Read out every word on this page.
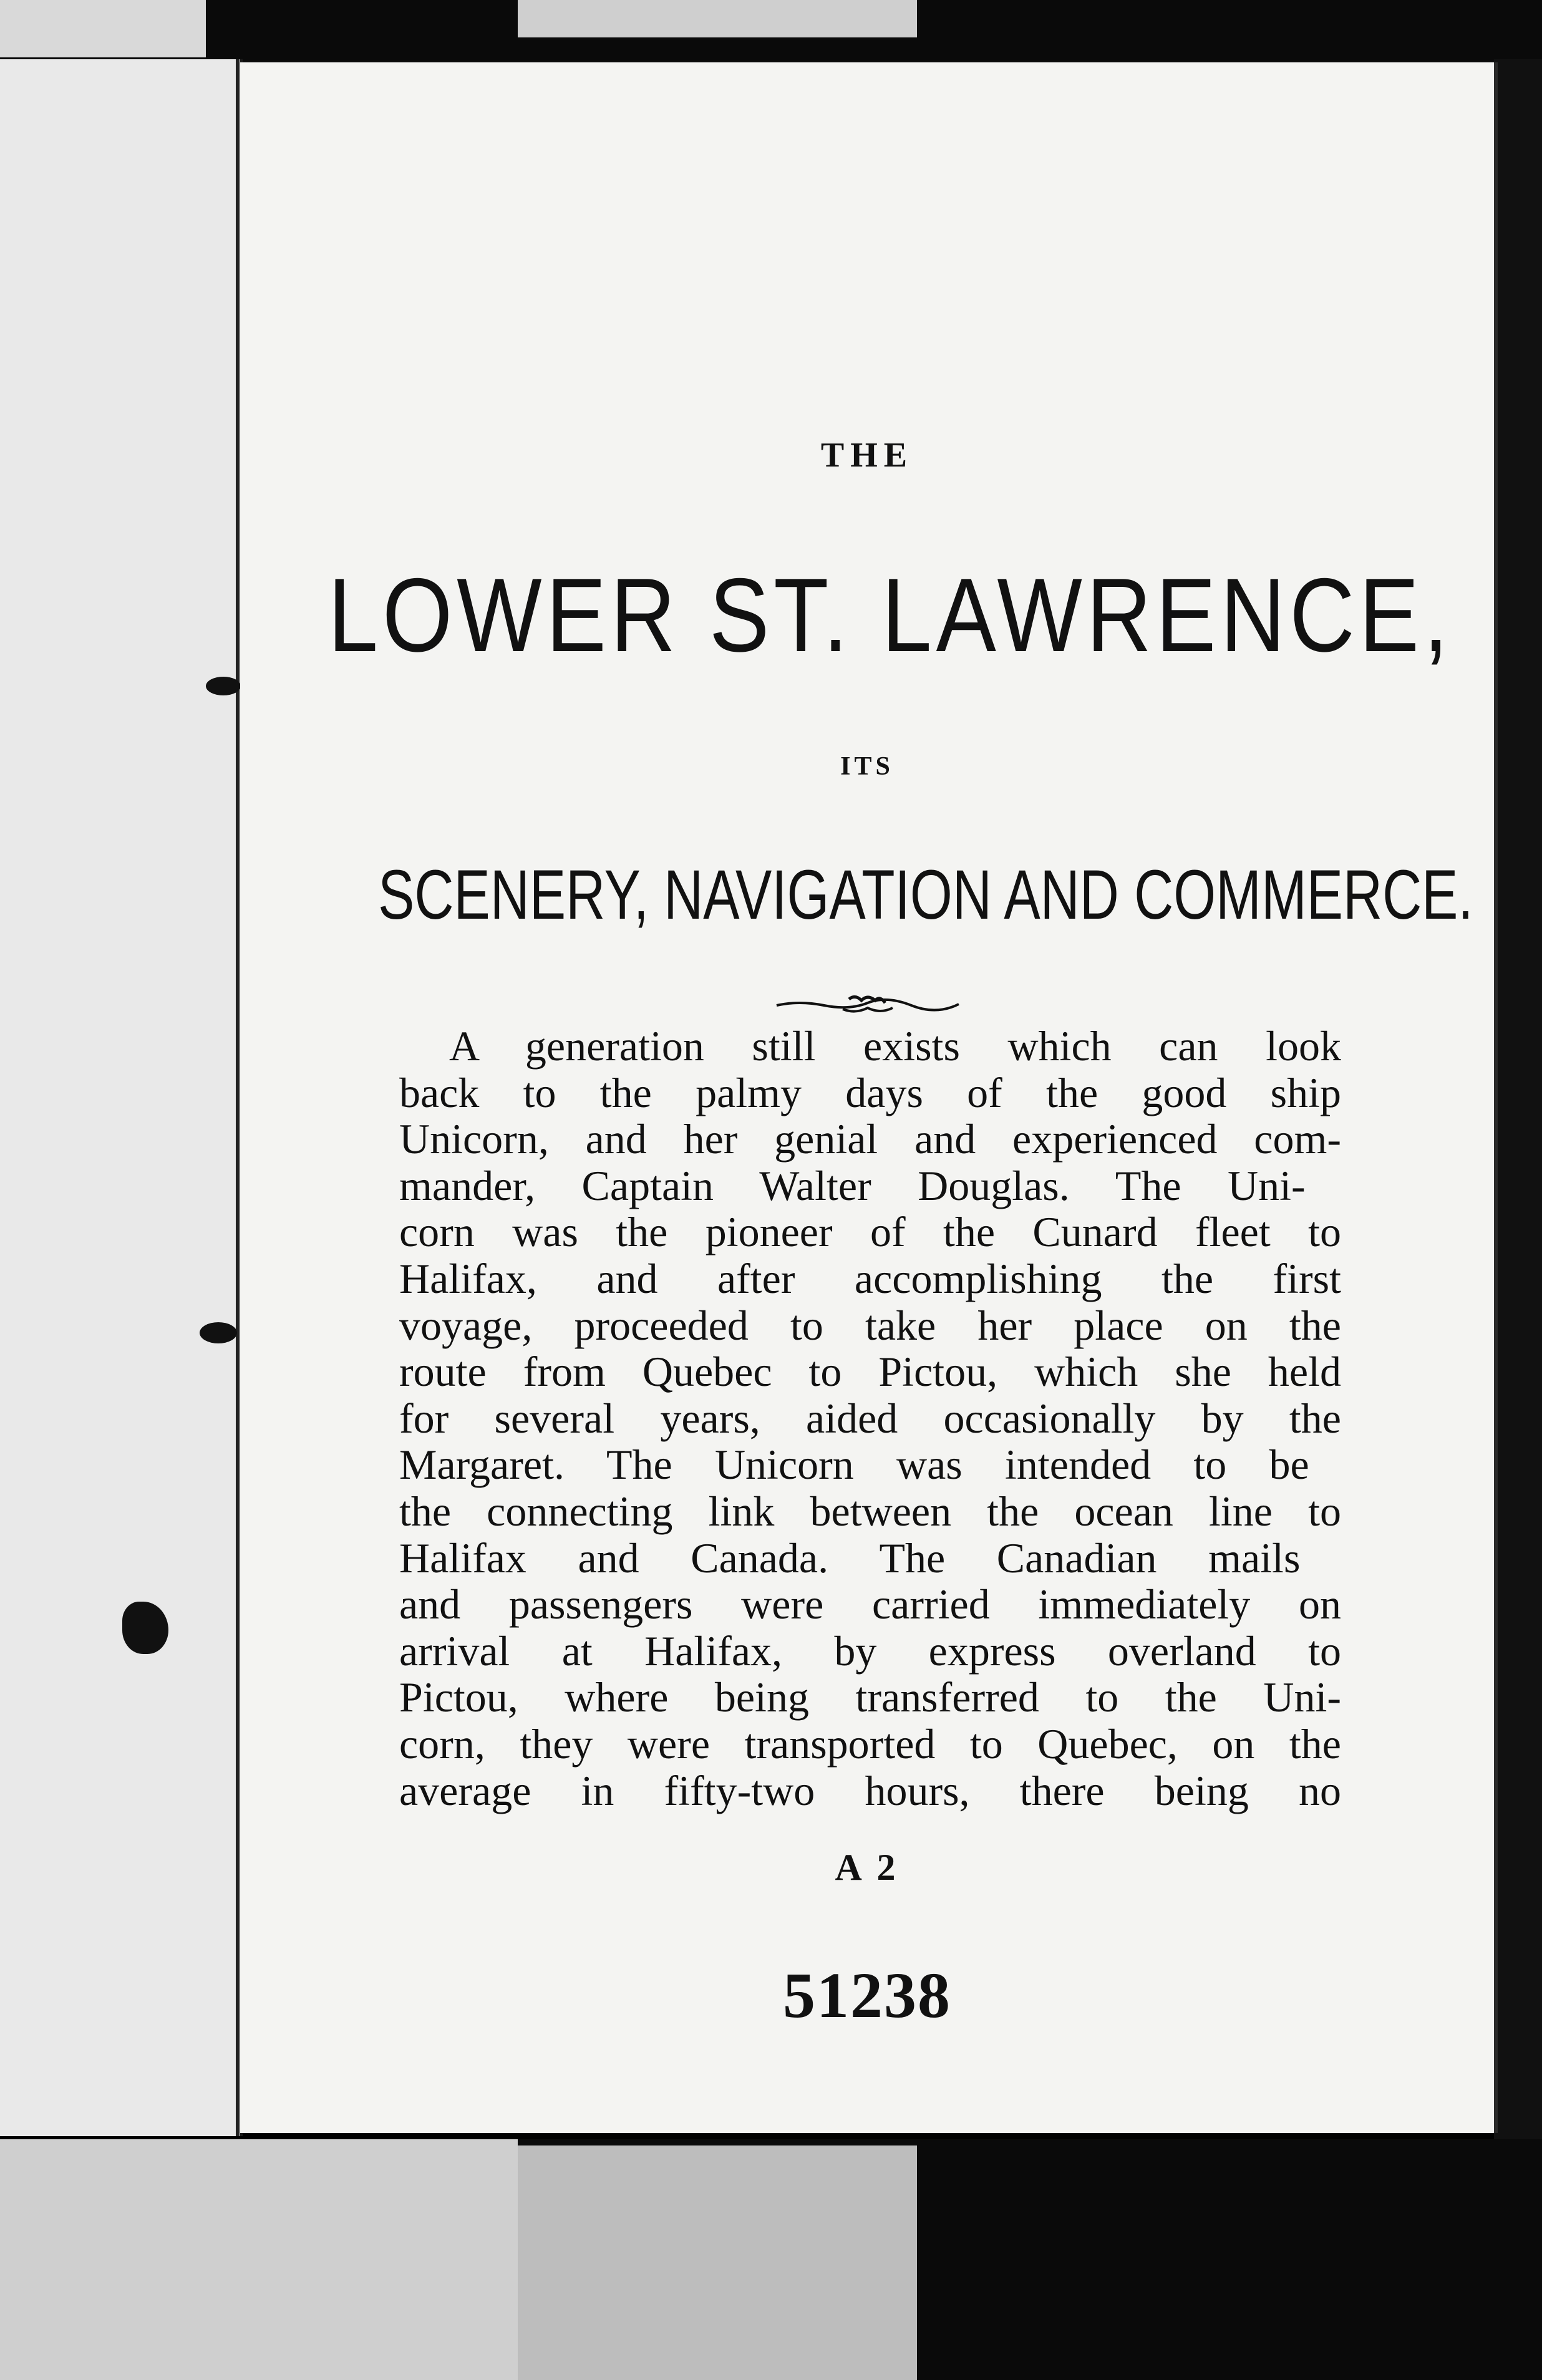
THE
LOWER ST. LAWRENCE,
ITS
SCENERY, NAVIGATION AND COMMERCE.
A generation still exists which can look
back to the palmy days of the good ship
Unicorn, and her genial and experienced com-
mander, Captain Walter Douglas. The Uni-
corn was the pioneer of the Cunard fleet to
Halifax, and after accomplishing the first
voyage, proceeded to take her place on the
route from Quebec to Pictou, which she held
for several years, aided occasionally by the
Margaret. The Unicorn was intended to be
the connecting link between the ocean line to
Halifax and Canada. The Canadian mails
and passengers were carried immediately on
arrival at Halifax, by express overland to
Pictou, where being transferred to the Uni-
corn, they were transported to Quebec, on the
average in fifty-two hours, there being no
A 2
51238
